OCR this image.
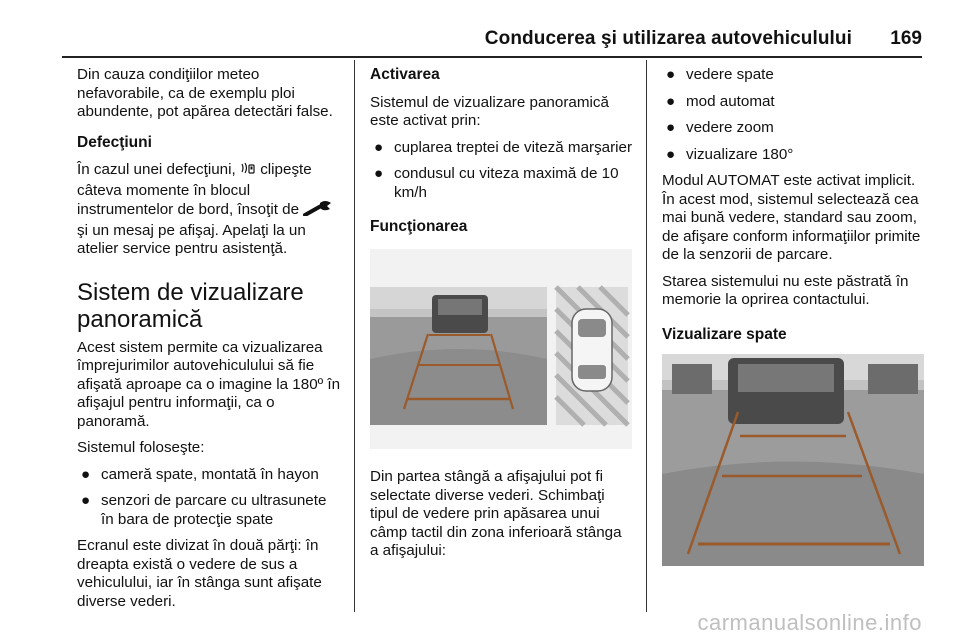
Conducerea şi utilizarea autovehiculului 169

Din cauza condiţiilor meteo nefavorabile, ca de exemplu ploi abundente, pot apărea detectări false.

Defecţiuni

În cazul unei defecţiuni, clipeşte câteva momente în blocul instrumentelor de bord, însoţit de  şi un mesaj pe afişaj. Apelaţi la un atelier service pentru asistenţă.

Sistem de vizualizare panoramică

Acest sistem permite ca vizualizarea împrejurimilor autovehiculului să fie afişată aproape ca o imagine la 180º în afişajul pentru informaţii, ca o panoramă.

Sistemul foloseşte:

● cameră spate, montată în hayon
● senzori de parcare cu ultrasunete în bara de protecţie spate

Ecranul este divizat în două părţi: în dreapta există o vedere de sus a vehiculului, iar în stânga sunt afişate diverse vederi.

Activarea

Sistemul de vizualizare panoramică este activat prin:

● cuplarea treptei de viteză marşarier
● condusul cu viteza maximă de 10 km/h
Funcţionarea

Din partea stângă a afişajului pot fi selectate diverse vederi. Schimbaţi tipul de vedere prin apăsarea unui câmp tactil din zona inferioară stânga a afişajului:

● vedere spate
● mod automat
● vedere zoom
● vizualizare 180°

Modul AUTOMAT este activat implicit. În acest mod, sistemul selectează cea mai bună vedere, standard sau zoom, de afişare conform informaţiilor primite de la senzorii de parcare.

Starea sistemului nu este păstrată în memorie la oprirea contactului.

Vizualizare spate
carmanualsonline.info
